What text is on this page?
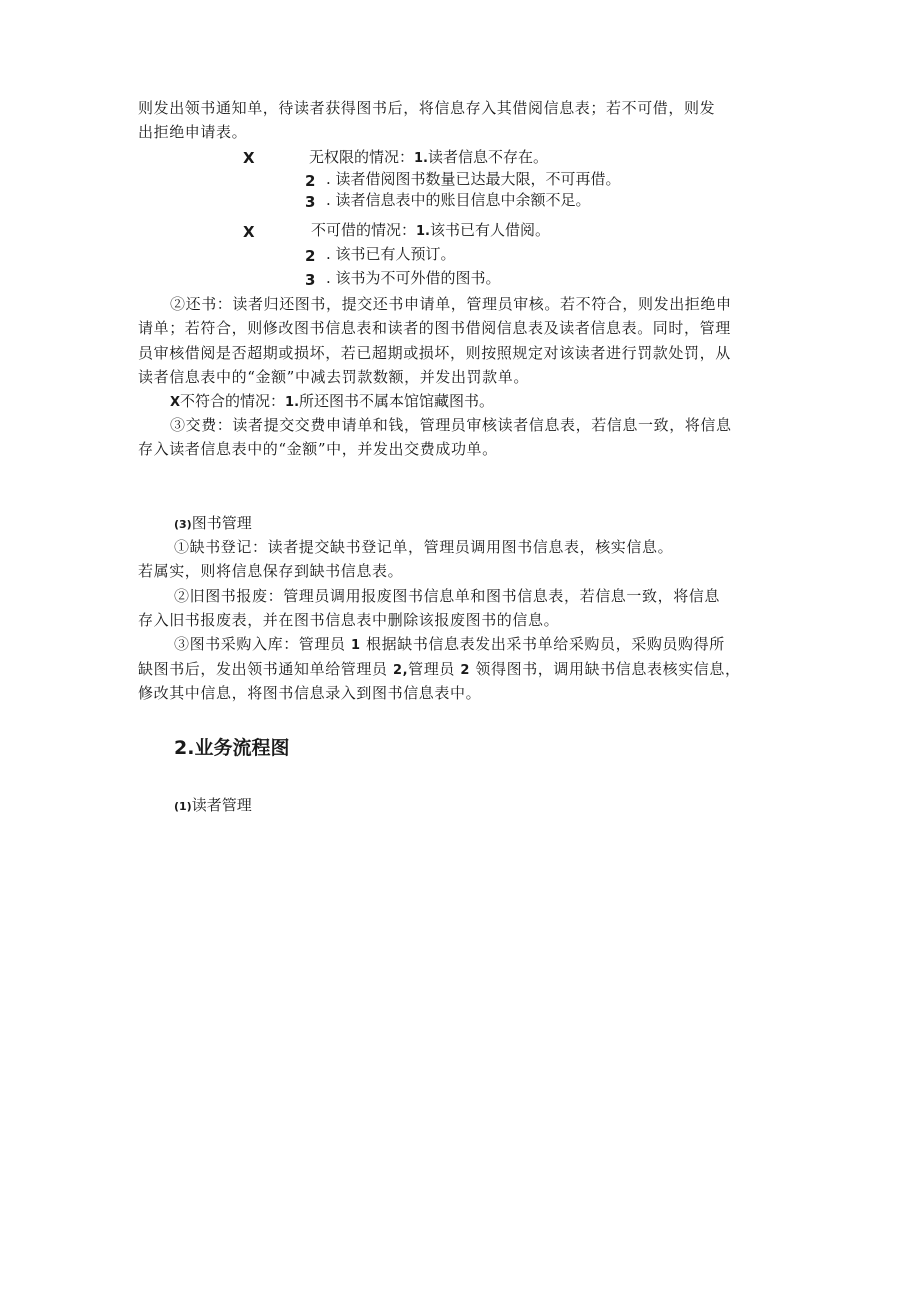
则发出领书通知单，待读者获得图书后，将信息存入其借阅信息表；若不可借，则发
出拒绝申请表。
X	无权限的情况：1.读者信息不存在。
2 . 读者借阅图书数量已达最大限，不可再借。
3 . 读者信息表中的账目信息中余额不足。
X	不可借的情况：1.该书已有人借阅。
2 . 该书已有人预订。
3 . 该书为不可外借的图书。
②还书：读者归还图书，提交还书申请单，管理员审核。若不符合，则发出拒绝申
请单；若符合，则修改图书信息表和读者的图书借阅信息表及读者信息表。同时，管理
员审核借阅是否超期或损坏，若已超期或损坏，则按照规定对该读者进行罚款处罚，从
读者信息表中的“金额”中减去罚款数额，并发出罚款单。
X不符合的情况：1.所还图书不属本馆馆藏图书。
③交费：读者提交交费申请单和钱，管理员审核读者信息表，若信息一致，将信息
存入读者信息表中的“金额”中，并发出交费成功单。
(3)图书管理
①缺书登记：读者提交缺书登记单，管理员调用图书信息表，核实信息。
若属实，则将信息保存到缺书信息表。
②旧图书报废：管理员调用报废图书信息单和图书信息表，若信息一致，将信息
存入旧书报废表，并在图书信息表中删除该报废图书的信息。
③图书采购入库：管理员 1 根据缺书信息表发出采书单给采购员，采购员购得所
缺图书后，发出领书通知单给管理员 2,管理员 2 领得图书，调用缺书信息表核实信息，
修改其中信息，将图书信息录入到图书信息表中。
2.业务流程图
(1)读者管理
